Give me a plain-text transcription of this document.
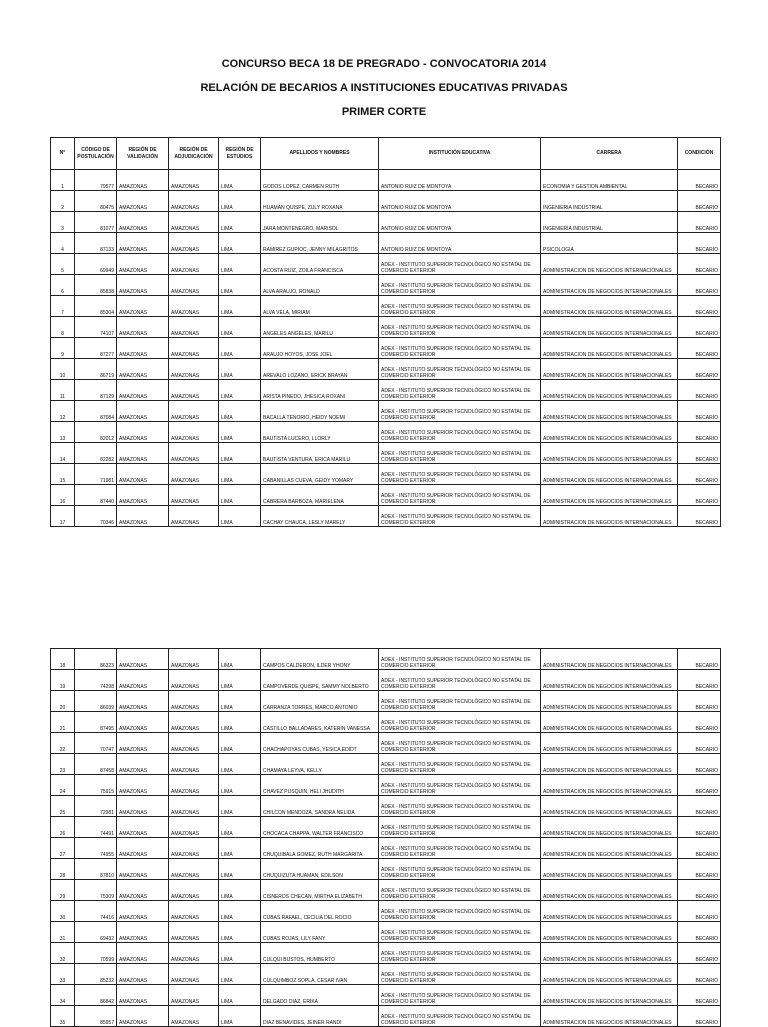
CONCURSO BECA 18 DE PREGRADO - CONVOCATORIA 2014
RELACIÓN DE BECARIOS A INSTITUCIONES EDUCATIVAS PRIVADAS
PRIMER CORTE
N°	CÓDIGO DE POSTULACIÓN	REGIÓN DE VALIDACIÓN	REGIÓN DE ADJUDICACIÓN	REGIÓN DE ESTUDIOS	APELLIDOS Y NOMBRES	INSTITUCIÓN EDUCATIVA	CARRERA	CONDICIÓN
1	79577	AMAZONAS	AMAZONAS	LIMA	GODOS LOPEZ, CARMEN RUTH	ANTONIO RUIZ DE MONTOYA	ECONOMIA Y GESTION AMBIENTAL	BECARIO
2	80475	AMAZONAS	AMAZONAS	LIMA	HUAMAN QUISPE, ZULY ROXANA	ANTONIO RUIZ DE MONTOYA	INGENIERIA INDUSTRIAL	BECARIO
3	81077	AMAZONAS	AMAZONAS	LIMA	JARA MONTENEGRO, MARISOL	ANTONIO RUIZ DE MONTOYA	INGENIERIA INDUSTRIAL	BECARIO
4	87133	AMAZONAS	AMAZONAS	LIMA	RAMIREZ GUPIOC, JENNY MILAGRITOS	ANTONIO RUIZ DE MONTOYA	PSICOLOGIA	BECARIO
5	69949	AMAZONAS	AMAZONAS	LIMA	ACOSTA RUIZ, ZOILA FRANCISCA	ADEX - INSTITUTO SUPERIOR TECNOLÓGICO NO ESTATAL DE COMERCIO EXTERIOR	ADMINISTRACION DE NEGOCIOS INTERNACIONALES	BECARIO
6	85838	AMAZONAS	AMAZONAS	LIMA	ALVA ARAUJO, RONALD	ADEX - INSTITUTO SUPERIOR TECNOLÓGICO NO ESTATAL DE COMERCIO EXTERIOR	ADMINISTRACION DE NEGOCIOS INTERNACIONALES	BECARIO
7	85304	AMAZONAS	AMAZONAS	LIMA	ALVA VELA, MIRIAM	ADEX - INSTITUTO SUPERIOR TECNOLÓGICO NO ESTATAL DE COMERCIO EXTERIOR	ADMINISTRACION DE NEGOCIOS INTERNACIONALES	BECARIO
8	74107	AMAZONAS	AMAZONAS	LIMA	ANGELES ANGELES, MARILU	ADEX - INSTITUTO SUPERIOR TECNOLÓGICO NO ESTATAL DE COMERCIO EXTERIOR	ADMINISTRACION DE NEGOCIOS INTERNACIONALES	BECARIO
9	87277	AMAZONAS	AMAZONAS	LIMA	ARAUJO HOYOS, JOSE JOEL	ADEX - INSTITUTO SUPERIOR TECNOLÓGICO NO ESTATAL DE COMERCIO EXTERIOR	ADMINISTRACION DE NEGOCIOS INTERNACIONALES	BECARIO
10	86719	AMAZONAS	AMAZONAS	LIMA	AREVALO LOZANO, ERICK BRAYAN	ADEX - INSTITUTO SUPERIOR TECNOLÓGICO NO ESTATAL DE COMERCIO EXTERIOR	ADMINISTRACION DE NEGOCIOS INTERNACIONALES	BECARIO
11	87129	AMAZONAS	AMAZONAS	LIMA	ARISTA PINEDO, JHESICA ROXANI	ADEX - INSTITUTO SUPERIOR TECNOLÓGICO NO ESTATAL DE COMERCIO EXTERIOR	ADMINISTRACION DE NEGOCIOS INTERNACIONALES	BECARIO
12	87084	AMAZONAS	AMAZONAS	LIMA	BACALLA TENORIO, HEIDY NOEMI	ADEX - INSTITUTO SUPERIOR TECNOLÓGICO NO ESTATAL DE COMERCIO EXTERIOR	ADMINISTRACION DE NEGOCIOS INTERNACIONALES	BECARIO
13	82012	AMAZONAS	AMAZONAS	LIMA	BAUTISTA LUCERO, LLORLY	ADEX - INSTITUTO SUPERIOR TECNOLÓGICO NO ESTATAL DE COMERCIO EXTERIOR	ADMINISTRACION DE NEGOCIOS INTERNACIONALES	BECARIO
14	82282	AMAZONAS	AMAZONAS	LIMA	BAUTISTA VENTURA, ERICA MARILU	ADEX - INSTITUTO SUPERIOR TECNOLÓGICO NO ESTATAL DE COMERCIO EXTERIOR	ADMINISTRACION DE NEGOCIOS INTERNACIONALES	BECARIO
15	71981	AMAZONAS	AMAZONAS	LIMA	CABANILLAS CUEVA, GEIDY YOMARY	ADEX - INSTITUTO SUPERIOR TECNOLÓGICO NO ESTATAL DE COMERCIO EXTERIOR	ADMINISTRACION DE NEGOCIOS INTERNACIONALES	BECARIO
16	87440	AMAZONAS	AMAZONAS	LIMA	CABRERA BARBOZA, MARIELENA	ADEX - INSTITUTO SUPERIOR TECNOLÓGICO NO ESTATAL DE COMERCIO EXTERIOR	ADMINISTRACION DE NEGOCIOS INTERNACIONALES	BECARIO
17	70346	AMAZONAS	AMAZONAS	LIMA	CACHAY CHAUCA, LESLY MARELY	ADEX - INSTITUTO SUPERIOR TECNOLÓGICO NO ESTATAL DE COMERCIO EXTERIOR	ADMINISTRACION DE NEGOCIOS INTERNACIONALES	BECARIO
18	86323	AMAZONAS	AMAZONAS	LIMA	CAMPOS CALDERON, ILDER YHONY	ADEX - INSTITUTO SUPERIOR TECNOLÓGICO NO ESTATAL DE COMERCIO EXTERIOR	ADMINISTRACION DE NEGOCIOS INTERNACIONALES	BECARIO
19	74298	AMAZONAS	AMAZONAS	LIMA	CAMPOVERDE QUISPE, SAMMY NOLBERTO	ADEX - INSTITUTO SUPERIOR TECNOLÓGICO NO ESTATAL DE COMERCIO EXTERIOR	ADMINISTRACION DE NEGOCIOS INTERNACIONALES	BECARIO
20	86039	AMAZONAS	AMAZONAS	LIMA	CARRANZA TORRES, MARCO ANTONIO	ADEX - INSTITUTO SUPERIOR TECNOLÓGICO NO ESTATAL DE COMERCIO EXTERIOR	ADMINISTRACION DE NEGOCIOS INTERNACIONALES	BECARIO
21	87495	AMAZONAS	AMAZONAS	LIMA	CASTILLO BALLADARES, KATERIN VANESSA	ADEX - INSTITUTO SUPERIOR TECNOLÓGICO NO ESTATAL DE COMERCIO EXTERIOR	ADMINISTRACION DE NEGOCIOS INTERNACIONALES	BECARIO
22	70747	AMAZONAS	AMAZONAS	LIMA	CHACHAPOYAS CUBAS, YESICA EDIDT	ADEX - INSTITUTO SUPERIOR TECNOLÓGICO NO ESTATAL DE COMERCIO EXTERIOR	ADMINISTRACION DE NEGOCIOS INTERNACIONALES	BECARIO
23	87458	AMAZONAS	AMAZONAS	LIMA	CHAMAYA LEYVA, KELLY	ADEX - INSTITUTO SUPERIOR TECNOLÓGICO NO ESTATAL DE COMERCIO EXTERIOR	ADMINISTRACION DE NEGOCIOS INTERNACIONALES	BECARIO
24	75915	AMAZONAS	AMAZONAS	LIMA	CHAVEZ PUSQUIN, HELI JHUDITH	ADEX - INSTITUTO SUPERIOR TECNOLÓGICO NO ESTATAL DE COMERCIO EXTERIOR	ADMINISTRACION DE NEGOCIOS INTERNACIONALES	BECARIO
25	72981	AMAZONAS	AMAZONAS	LIMA	CHILCON MENDOZA, SANDRA NELIDA	ADEX - INSTITUTO SUPERIOR TECNOLÓGICO NO ESTATAL DE COMERCIO EXTERIOR	ADMINISTRACION DE NEGOCIOS INTERNACIONALES	BECARIO
26	74491	AMAZONAS	AMAZONAS	LIMA	CHOCACA CHAPPA, WALTER FRANCISCO	ADEX - INSTITUTO SUPERIOR TECNOLÓGICO NO ESTATAL DE COMERCIO EXTERIOR	ADMINISTRACION DE NEGOCIOS INTERNACIONALES	BECARIO
27	74955	AMAZONAS	AMAZONAS	LIMA	CHUQUIBALA GOMEZ, RUTH MARGARITA	ADEX - INSTITUTO SUPERIOR TECNOLÓGICO NO ESTATAL DE COMERCIO EXTERIOR	ADMINISTRACION DE NEGOCIOS INTERNACIONALES	BECARIO
28	87810	AMAZONAS	AMAZONAS	LIMA	CHUQUIZUTA HUAMAN, EDILSON	ADEX - INSTITUTO SUPERIOR TECNOLÓGICO NO ESTATAL DE COMERCIO EXTERIOR	ADMINISTRACION DE NEGOCIOS INTERNACIONALES	BECARIO
29	75309	AMAZONAS	AMAZONAS	LIMA	CISNEROS CHECAN, MIRTHA ELIZABETH	ADEX - INSTITUTO SUPERIOR TECNOLÓGICO NO ESTATAL DE COMERCIO EXTERIOR	ADMINISTRACION DE NEGOCIOS INTERNACIONALES	BECARIO
30	74416	AMAZONAS	AMAZONAS	LIMA	CUBAS RAFAEL, CECILIA DEL ROCIO	ADEX - INSTITUTO SUPERIOR TECNOLÓGICO NO ESTATAL DE COMERCIO EXTERIOR	ADMINISTRACION DE NEGOCIOS INTERNACIONALES	BECARIO
31	69432	AMAZONAS	AMAZONAS	LIMA	CUBAS ROJAS, LILY FANY	ADEX - INSTITUTO SUPERIOR TECNOLÓGICO NO ESTATAL DE COMERCIO EXTERIOR	ADMINISTRACION DE NEGOCIOS INTERNACIONALES	BECARIO
32	70599	AMAZONAS	AMAZONAS	LIMA	CULQUI BUSTOS, HUMBERTO	ADEX - INSTITUTO SUPERIOR TECNOLÓGICO NO ESTATAL DE COMERCIO EXTERIOR	ADMINISTRACION DE NEGOCIOS INTERNACIONALES	BECARIO
33	85232	AMAZONAS	AMAZONAS	LIMA	CULQUIMBOZ SOPLA, CESAR IVAN	ADEX - INSTITUTO SUPERIOR TECNOLÓGICO NO ESTATAL DE COMERCIO EXTERIOR	ADMINISTRACION DE NEGOCIOS INTERNACIONALES	BECARIO
34	86842	AMAZONAS	AMAZONAS	LIMA	DELGADO DIAZ, ERIKA	ADEX - INSTITUTO SUPERIOR TECNOLÓGICO NO ESTATAL DE COMERCIO EXTERIOR	ADMINISTRACION DE NEGOCIOS INTERNACIONALES	BECARIO
35	85957	AMAZONAS	AMAZONAS	LIMA	DIAZ BENAVIDES, JEINER RANDI	ADEX - INSTITUTO SUPERIOR TECNOLÓGICO NO ESTATAL DE COMERCIO EXTERIOR	ADMINISTRACION DE NEGOCIOS INTERNACIONALES	BECARIO
